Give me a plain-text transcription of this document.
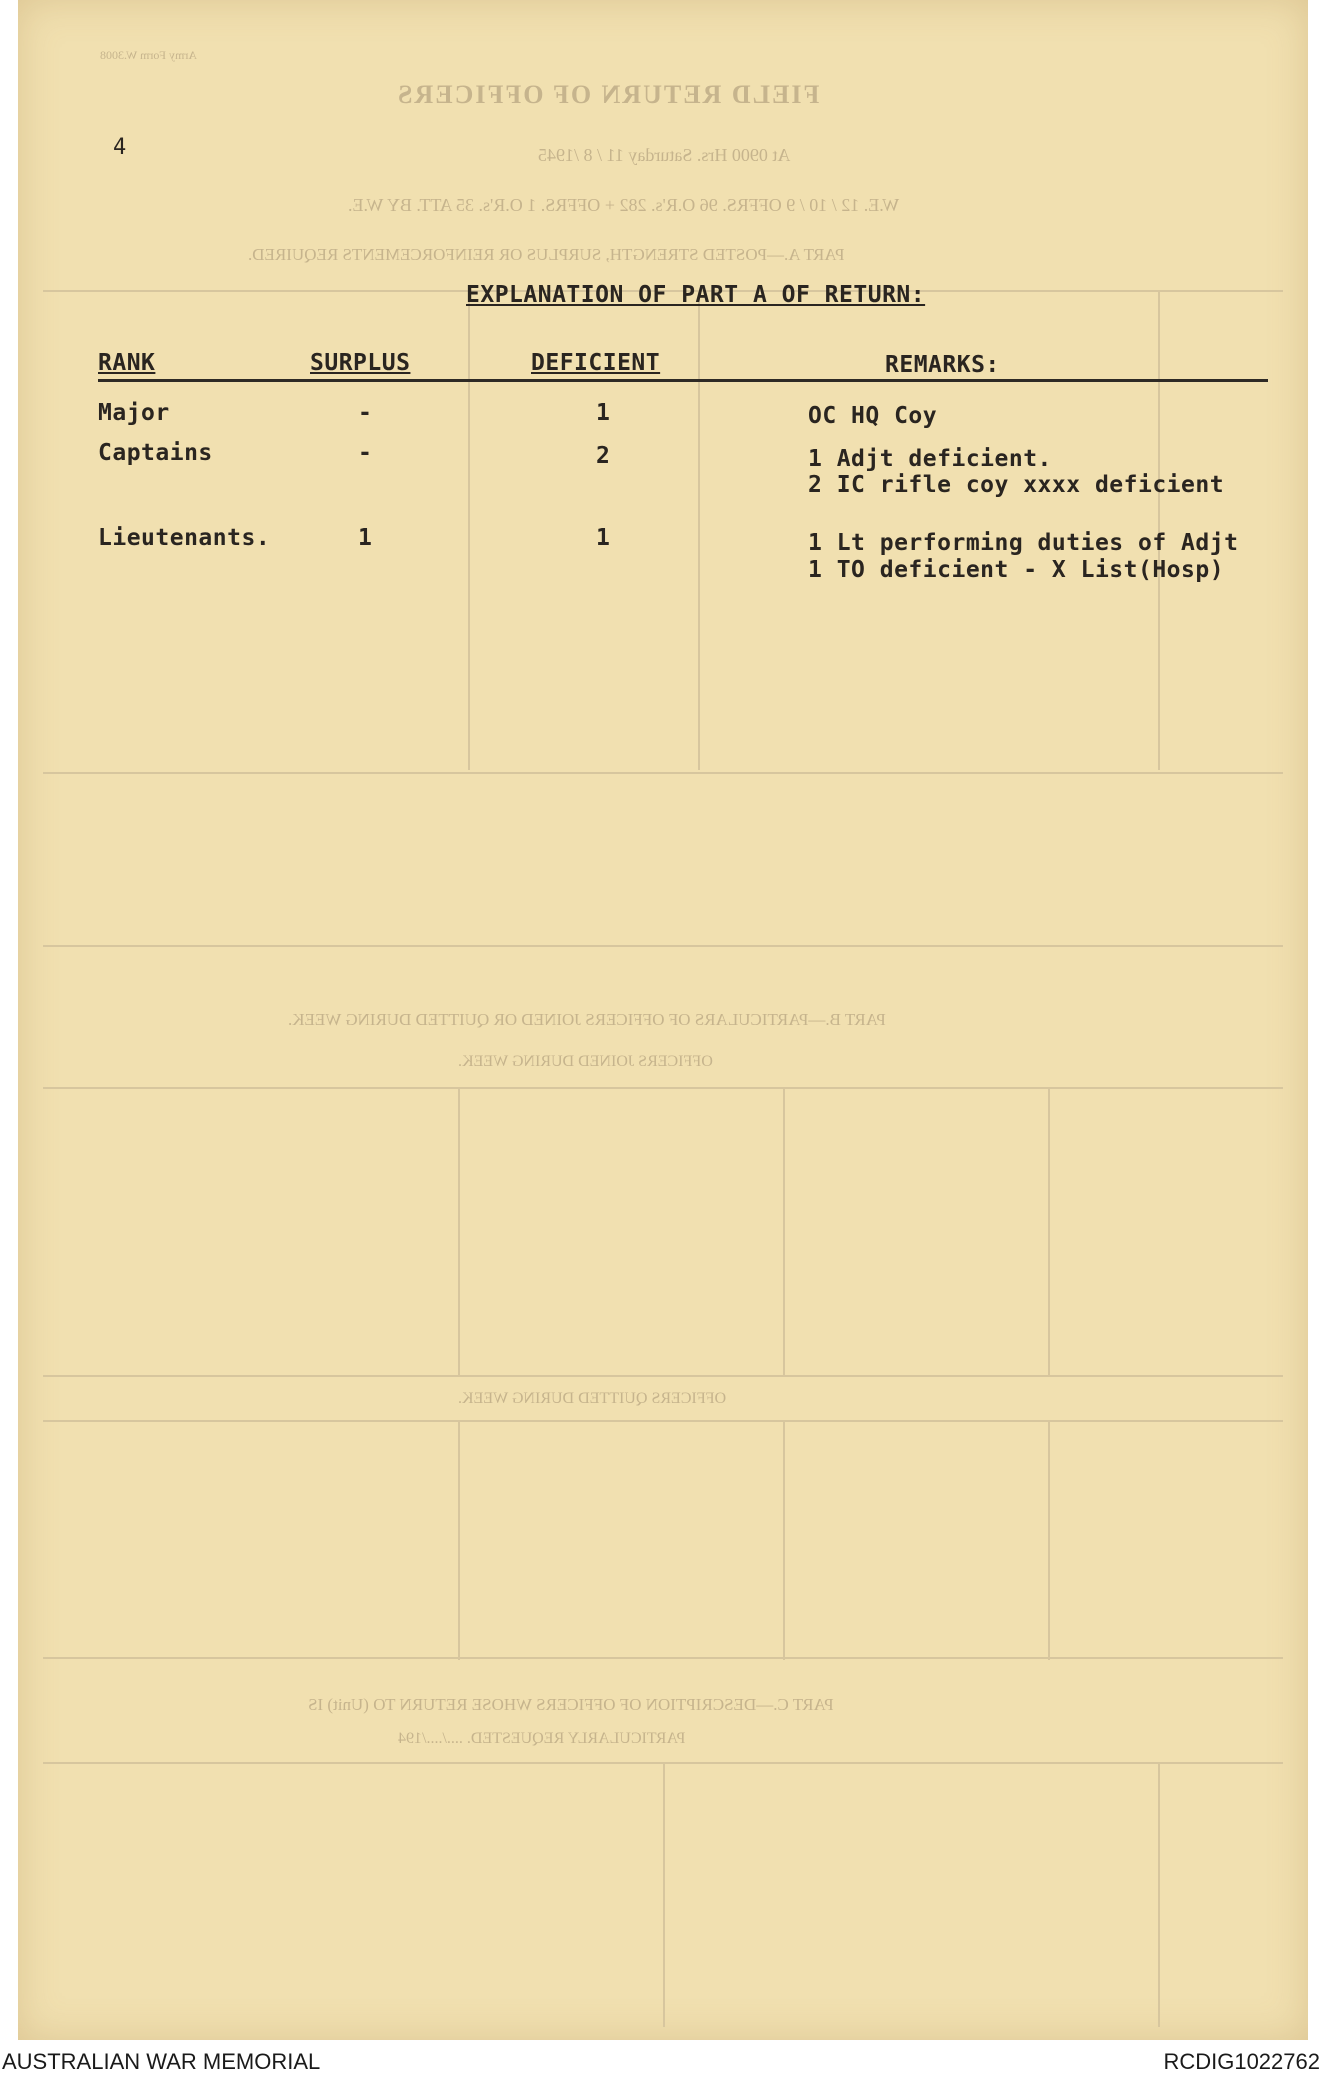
FIELD RETURN OF OFFICERS
Army Form W.3008
At 0900 Hrs. Saturday 11 / 8 /1945
W.E. 12 / 10 / 9 OFFRS. 96 O.R's. 282 + OFFRS. 1 O.R's. 35 ATT. BY W.E.
PART A.—POSTED STRENGTH, SURPLUS OR REINFORCEMENTS REQUIRED.
PART B.—PARTICULARS OF OFFICERS JOINED OR QUITTED DURING WEEK.
OFFICERS JOINED DURING WEEK.
OFFICERS QUITTED DURING WEEK.
PART C.—DESCRIPTION OF OFFICERS WHOSE RETURN TO (Unit) IS
PARTICULARLY REQUESTED. ..../..../194
4
EXPLANATION OF PART A OF RETURN:
RANK	SURPLUS	DEFICIENT	REMARKS:
Major	-	1	OC HQ Coy
Captains	-	2	1 Adjt deficient.
2 IC rifle coy xxxx deficient
Lieutenants.	1	1	1 Lt performing duties of Adjt
1 TO deficient - X List(Hosp)
AUSTRALIAN WAR MEMORIAL	RCDIG1022762
